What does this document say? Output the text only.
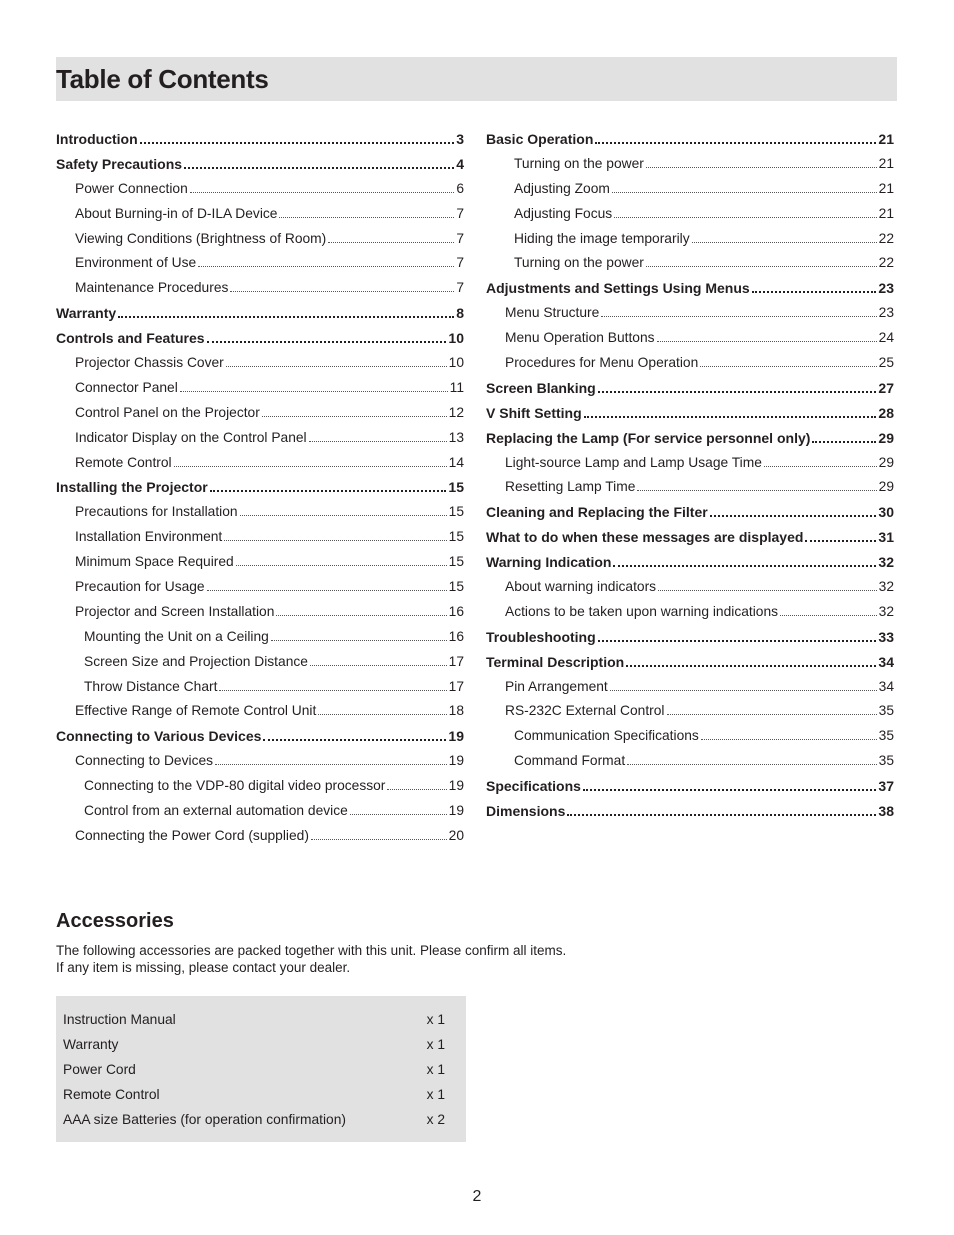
Table of Contents
Introduction	3
Safety Precautions	4
Power Connection	6
About Burning-in of D-ILA Device	7
Viewing Conditions (Brightness of Room)	7
Environment of Use	7
Maintenance Procedures	7
Warranty	8
Controls and Features	10
Projector Chassis Cover	10
Connector Panel	11
Control Panel on the Projector	12
Indicator Display on the Control Panel	13
Remote Control	14
Installing the Projector	15
Precautions for Installation	15
Installation Environment	15
Minimum Space Required	15
Precaution for Usage	15
Projector and Screen Installation	16
Mounting the Unit on a Ceiling	16
Screen Size and Projection Distance	17
Throw Distance Chart	17
Effective Range of Remote Control Unit	18
Connecting to Various Devices	19
Connecting to Devices	19
Connecting to the VDP-80 digital video processor	19
Control from an external automation device	19
Connecting the Power Cord (supplied)	20
Basic Operation	21
Turning on the power	21
Adjusting Zoom	21
Adjusting Focus	21
Hiding the image temporarily	22
Turning on the power	22
Adjustments and Settings Using Menus	23
Menu Structure	23
Menu Operation Buttons	24
Procedures for Menu Operation	25
Screen Blanking	27
V Shift Setting	28
Replacing the Lamp (For service personnel only)	29
Light-source Lamp and Lamp Usage Time	29
Resetting Lamp Time	29
Cleaning and Replacing the Filter	30
What to do when these messages are displayed	31
Warning Indication	32
About warning indicators	32
Actions to be taken upon warning indications	32
Troubleshooting	33
Terminal Description	34
Pin Arrangement	34
RS-232C External Control	35
Communication Specifications	35
Command Format	35
Specifications	37
Dimensions	38
Accessories
The following accessories are packed together with this unit. Please confirm all items.
If any item is missing, please contact your dealer.
Instruction Manual	x 1
Warranty	x 1
Power Cord	x 1
Remote Control	x 1
AAA size Batteries (for operation confirmation)	x 2
2
